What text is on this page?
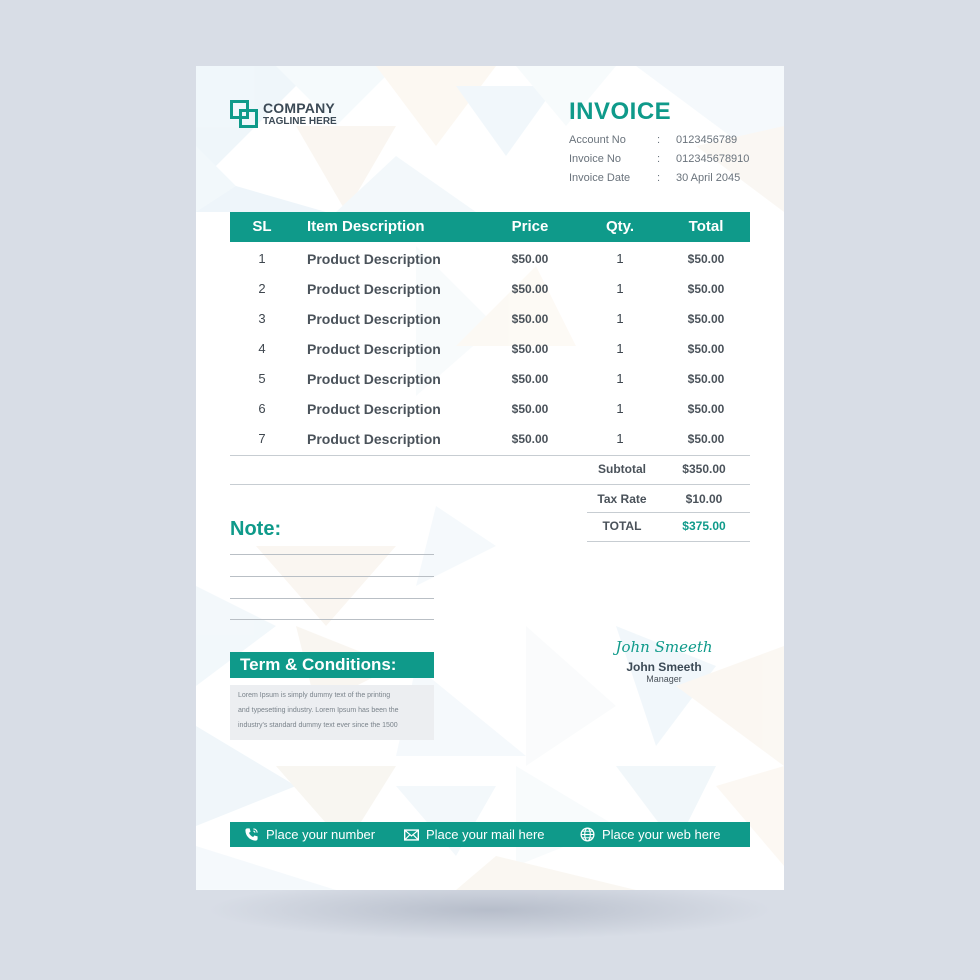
COMPANY
TAGLINE HERE	INVOICE
Account No	:	0123456789
Invoice No	:	012345678910
Invoice Date	:	30 April 2045
SL	Item Description	Price	Qty.	Total
1	Product Description	$50.00	1	$50.00
2	Product Description	$50.00	1	$50.00
3	Product Description	$50.00	1	$50.00
4	Product Description	$50.00	1	$50.00
5	Product Description	$50.00	1	$50.00
6	Product Description	$50.00	1	$50.00
7	Product Description	$50.00	1	$50.00
Subtotal	$350.00
Tax Rate	$10.00
TOTAL	$375.00
Note:
Term & Conditions:
Lorem Ipsum is simply dummy text of the printing
and typesetting industry. Lorem Ipsum has been the
industry's standard dummy text ever since the 1500
John Smeeth
John Smeeth
Manager
Place your number	Place your mail here	Place your web here
